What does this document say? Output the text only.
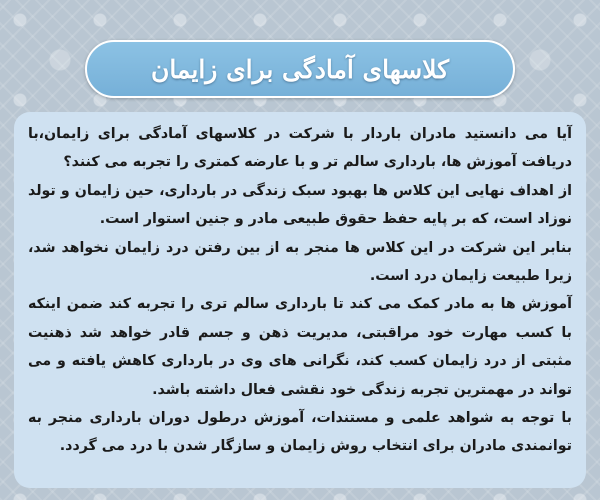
کلاسهای آمادگی برای زایمان

آیا می دانستید مادران باردار با شرکت در کلاسهای آمادگی برای زایمان،با دریافت آموزش ها، بارداری سالم تر و با عارضه کمتری را تجربه می کنند؟

از اهداف نهایی این کلاس ها بهبود سبک زندگی در بارداری، حین زایمان و تولد نوزاد است، که بر پایه حفظ حقوق طبیعی مادر و جنین استوار است.

بنابر این شرکت در این کلاس ها منجر به از بین رفتن درد زایمان نخواهد شد، زیرا طبیعت زایمان درد است.

آموزش ها به مادر کمک می کند تا بارداری سالم تری را تجربه کند ضمن اینکه با کسب مهارت خود مراقبتی، مدیریت ذهن و جسم قادر خواهد شد ذهنیت مثبتی از درد زایمان کسب کند، نگرانی های وی در بارداری کاهش یافته و می تواند در مهمترین تجربه زندگی خود نقشی فعال داشته باشد.

با توجه به شواهد علمی و مستندات، آموزش درطول دوران بارداری منجر به توانمندی مادران برای انتخاب روش زایمان و سازگار شدن با درد می گردد.
